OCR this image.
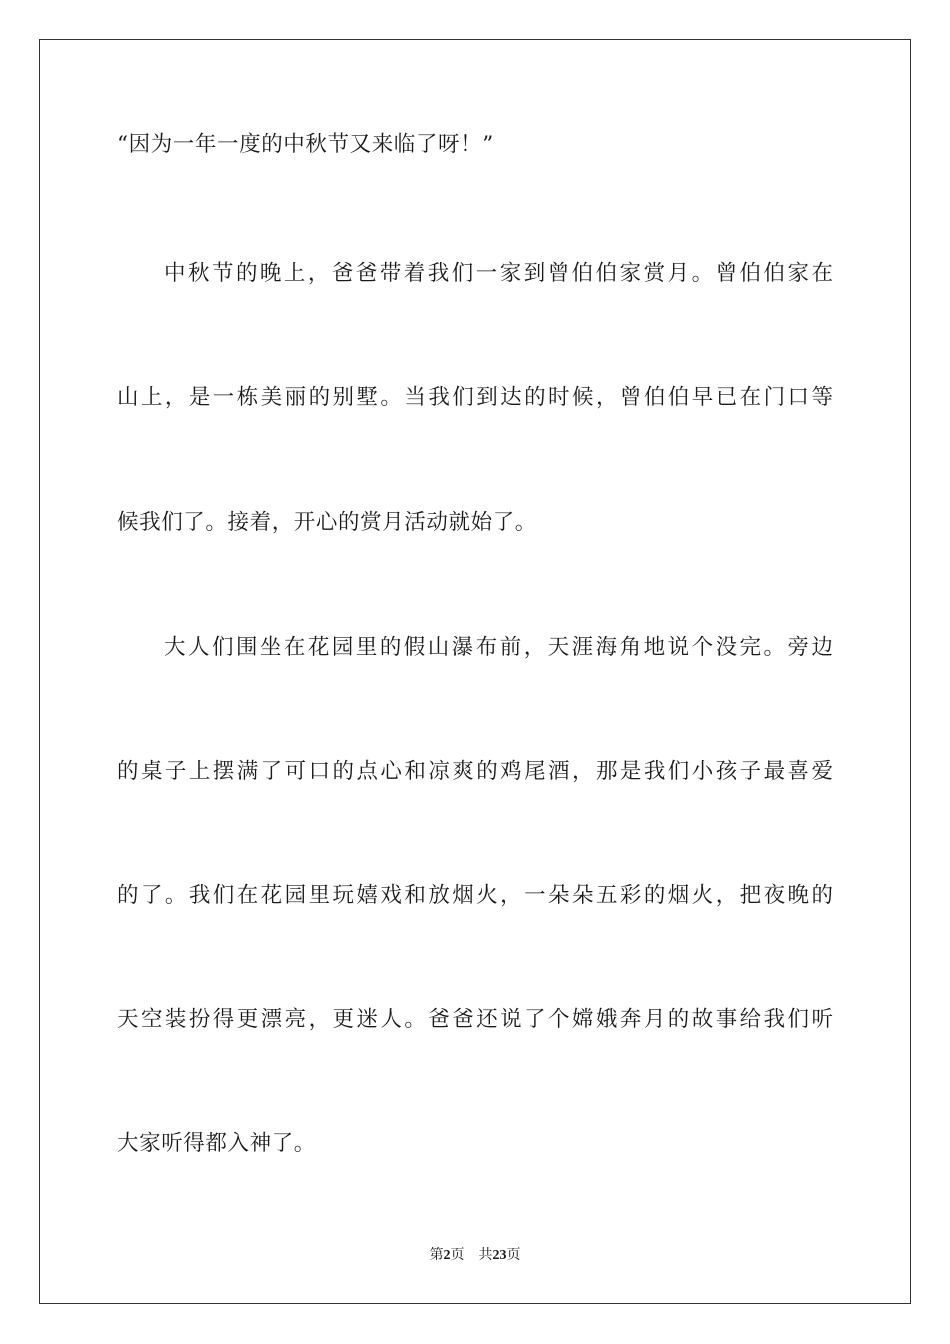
“因为一年一度的中秋节又来临了呀！”
中秋节的晚上，爸爸带着我们一家到曾伯伯家赏月。曾伯伯家在
山上，是一栋美丽的别墅。当我们到达的时候，曾伯伯早已在门口等
候我们了。接着，开心的赏月活动就始了。
大人们围坐在花园里的假山瀑布前，天涯海角地说个没完。旁边
的桌子上摆满了可口的点心和凉爽的鸡尾酒，那是我们小孩子最喜爱
的了。我们在花园里玩嬉戏和放烟火，一朵朵五彩的烟火，把夜晚的
天空装扮得更漂亮，更迷人。爸爸还说了个嫦娥奔月的故事给我们听
大家听得都入神了。
第2页 共23页
